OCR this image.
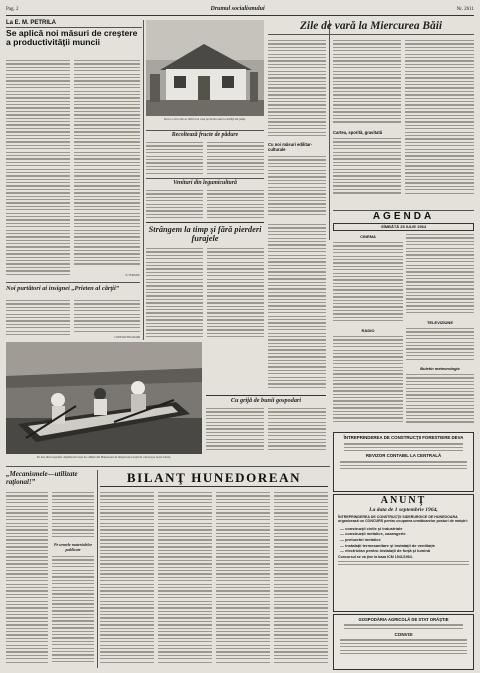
Pag. 2	Drumul socialismului	Nr. 2611
La E. M. PETRILA
Se aplică noi măsuri de creştere a productivităţii muncii
N. STRIMTU
Noi purtători ai insignei „Prieten al cărţii”
CONSTANTIN ADAMI
De la o zi la alta se ridică noi case pe strada unei localităţi din judeţ.
Recoltează fructe de pădure
Venituri din legumicultură
Strângem la timp şi fără pierderi furajele
Cu grijă de bunii gospodari
Pe una din fotografii, deţinătorii Casei de odihnă din Hunedoara în timpul unor lecţii de canotaj pe lacul Cinciş.
Zile de vară la Miercurea Băii
Cu noi măsuri edilitar-culturale
Cartea, sporită, gravitată
AGENDA
SÎMBĂTĂ 25 IULIE 1964
CINEMA
RADIO
TELEVIZIUNE
Buletin meteorologic
ÎNTREPRINDEREA DE CONSTRUCŢII FORESTIERE DEVA
REVIZOR CONTABIL LA CENTRALĂ
„Mecanismele—utilizate raţional!”
Pe urmele materialelor publicate
BILANŢ HUNEDOREAN
ANUNŢ
La data de 1 septembrie 1964,
ÎNTREPRINDEREA DE CONSTRUCŢII SIDERURGICE DE HUNEDOARA organizează un CONCURS pentru ocuparea următoarelor posturi de maiştri:
— construcţii civile şi industriale
— construcţii metalice, cazangerie
— prelucrări metalice
— instalaţii termosanitare şi instalaţii de ventilaţie
— electrician pentru instalaţii de forţă şi lumină
Concursul se va ţine la baza ICM 1941/1964.
GOSPODĂRIA AGRICOLĂ DE STAT ORĂŞTIE
CONVOI
